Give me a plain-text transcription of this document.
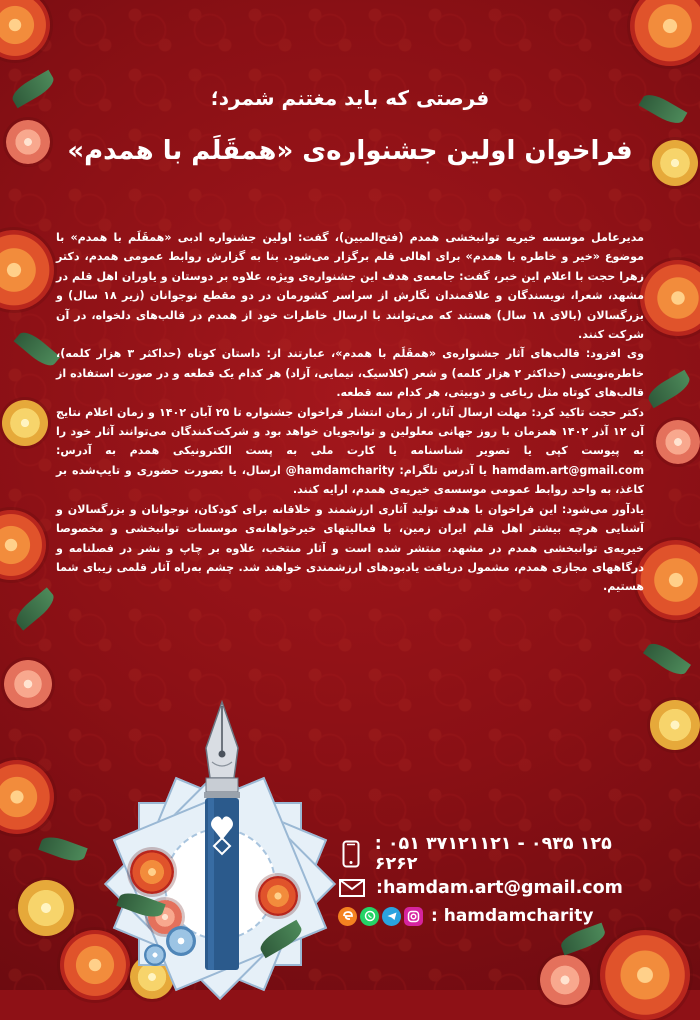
فرصتی که باید مغتنم شمرد؛

فراخوان اولین جشنواره‌ی «همقَلَم با همدم»

مدیرعامل موسسه خیریه توانبخشی همدم (فتح‌المبین)، گفت: اولین جشنواره ادبی «همقَلَم با همدم» با موضوع «خیر و خاطره با همدم» برای اهالی قلم برگزار می‌شود. بنا به گزارش روابط عمومی همدم، دکتر زهرا حجت با اعلام این خبر، گفت: جامعه‌ی هدف این جشنواره‌ی ویژه، علاوه بر دوستان و یاوران اهل قلم در مشهد، شعرا، نویسندگان و علاقمندان نگارش از سراسر کشورمان در دو مقطع نوجوانان (زیر ۱۸ سال) و بزرگسالان (بالای ۱۸ سال) هستند که می‌توانند با ارسال خاطرات خود از همدم در قالب‌های دلخواه، در آن شرکت کنند.

وی افزود: قالب‌های آثار جشنواره‌ی «همقَلَم با همدم»، عبارتند از: داستان کوتاه (حداکثر ۳ هزار کلمه)، خاطره‌نویسی (حداکثر ۲ هزار کلمه) و شعر (کلاسیک، نیمایی، آزاد) هر کدام یک قطعه و در صورت استفاده از قالب‌های کوتاه مثل رباعی و دوبیتی، هر کدام سه قطعه.

دکتر حجت تاکید کرد: مهلت ارسال آثار، از زمان انتشار فراخوان جشنواره تا ۲۵ آبان ۱۴۰۲ و زمان اعلام نتایج آن ۱۲ آذر ۱۴۰۲ همزمان با روز جهانی معلولین و توانجویان خواهد بود و شرکت‌کنندگان می‌توانند آثار خود را به پیوست کپی یا تصویر شناسنامه یا کارت ملی به پست الکترونیکی همدم به آدرس: hamdam.art@gmail.com یا آدرس تلگرام: hamdamcharity@ ارسال، یا بصورت حضوری و تایپ‌شده بر کاغذ، به واحد روابط عمومی موسسه‌ی خیریه‌ی همدم، ارایه کنند.

یادآور می‌شود: این فراخوان با هدف تولید آثاری ارزشمند و خلاقانه برای کودکان، نوجوانان و بزرگسالان و آشنایی هرچه بیشتر اهل قلم ایران زمین، با فعالیتهای خیرخواهانه‌ی موسسات توانبخشی و مخصوصا خیریه‌ی توانبخشی همدم در مشهد، منتشر شده است و آثار منتخب، علاوه بر چاپ و نشر در فصلنامه و درگاههای مجازی همدم، مشمول دریافت یادبودهای ارزشمندی خواهند شد. چشم به‌راه آثار قلمی زیبای شما هستیم.

: ۰۵۱ ۳۷۱۲۱۱۲۱ - ۰۹۳۵ ۱۲۵ ۶۲۶۲
:hamdam.art@gmail.com
: hamdamcharity
